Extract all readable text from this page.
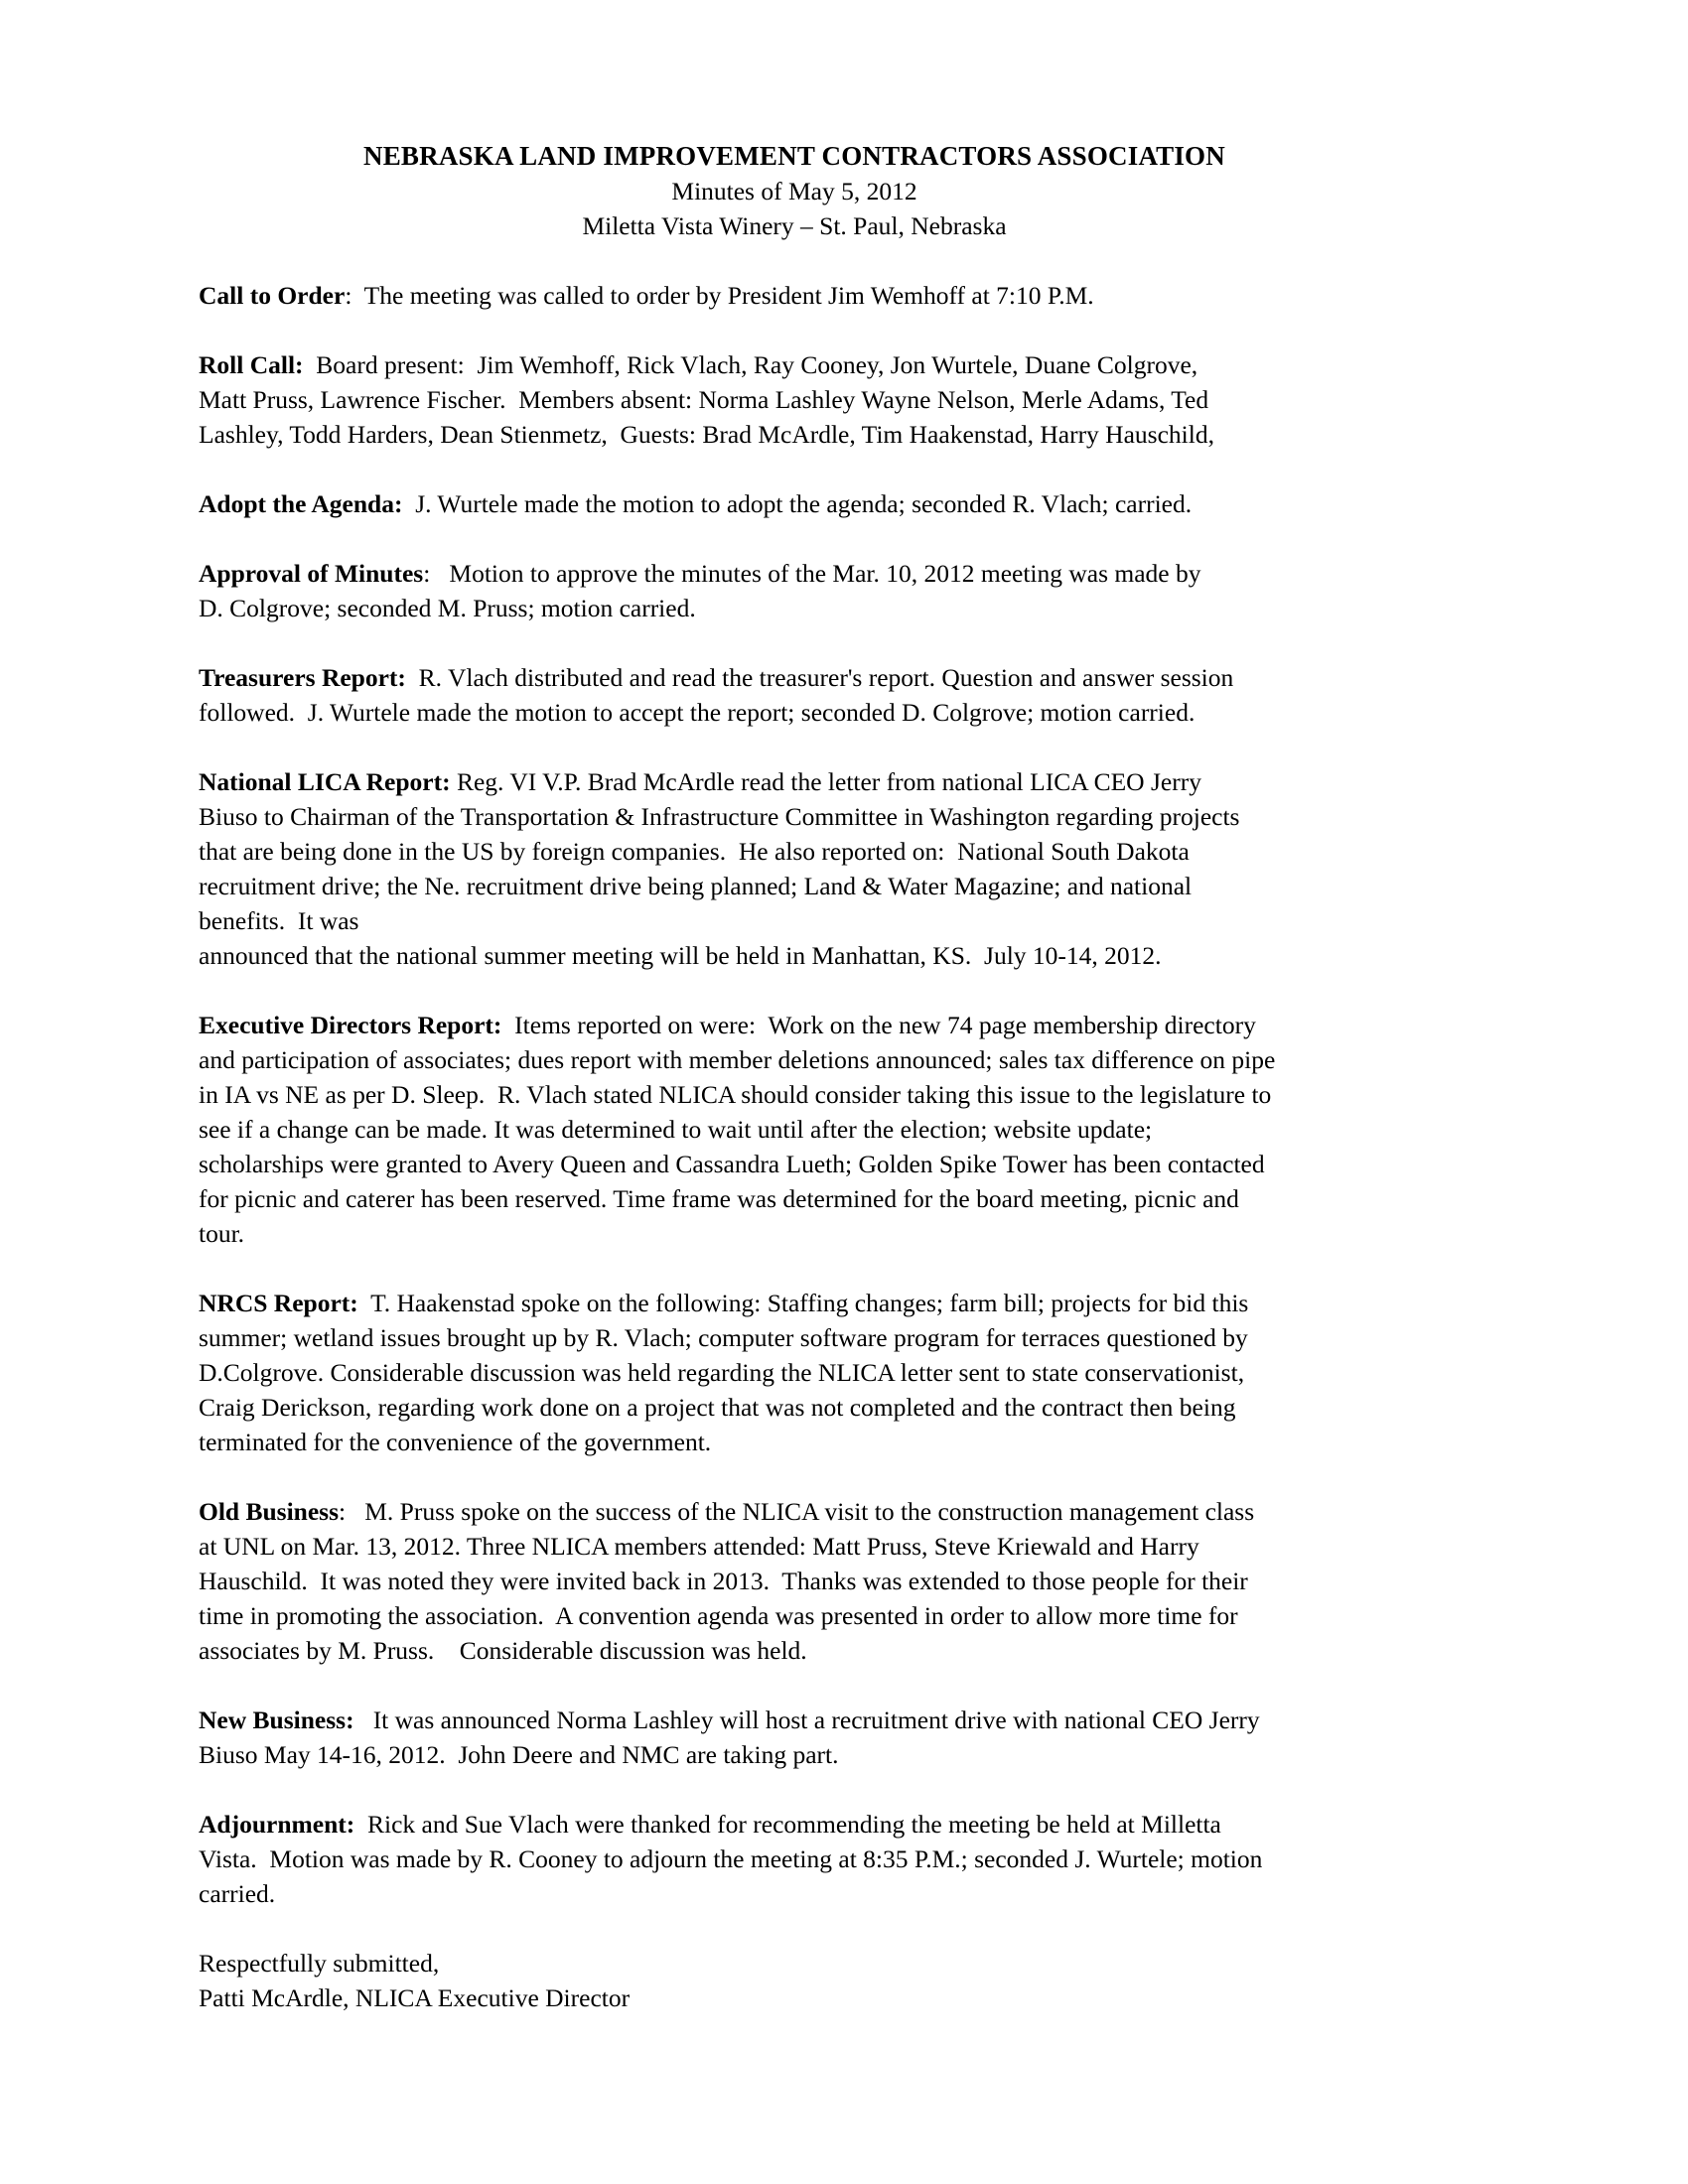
NEBRASKA LAND IMPROVEMENT CONTRACTORS ASSOCIATION
Minutes of May 5, 2012
Miletta Vista Winery – St. Paul, Nebraska
Call to Order:  The meeting was called to order by President Jim Wemhoff at 7:10 P.M.
Roll Call:  Board present:  Jim Wemhoff, Rick Vlach, Ray Cooney, Jon Wurtele, Duane Colgrove,
Matt Pruss, Lawrence Fischer.  Members absent: Norma Lashley Wayne Nelson, Merle Adams, Ted
Lashley, Todd Harders, Dean Stienmetz,  Guests: Brad McArdle, Tim Haakenstad, Harry Hauschild,
Adopt the Agenda:  J. Wurtele made the motion to adopt the agenda; seconded R. Vlach; carried.
Approval of Minutes:   Motion to approve the minutes of the Mar. 10, 2012 meeting was made by
D. Colgrove; seconded M. Pruss; motion carried.
Treasurers Report:  R. Vlach distributed and read the treasurer's report. Question and answer session
followed.  J. Wurtele made the motion to accept the report; seconded D. Colgrove; motion carried.
National LICA Report: Reg. VI V.P. Brad McArdle read the letter from national LICA CEO Jerry
Biuso to Chairman of the Transportation & Infrastructure Committee in Washington regarding projects
that are being done in the US by foreign companies.  He also reported on:  National South Dakota
recruitment drive; the Ne. recruitment drive being planned; Land & Water Magazine; and national
benefits.  It was
announced that the national summer meeting will be held in Manhattan, KS.  July 10-14, 2012.
Executive Directors Report:  Items reported on were:  Work on the new 74 page membership directory
and participation of associates; dues report with member deletions announced; sales tax difference on pipe
in IA vs NE as per D. Sleep.  R. Vlach stated NLICA should consider taking this issue to the legislature to
see if a change can be made. It was determined to wait until after the election; website update;
scholarships were granted to Avery Queen and Cassandra Lueth; Golden Spike Tower has been contacted
for picnic and caterer has been reserved. Time frame was determined for the board meeting, picnic and
tour.
NRCS Report:  T. Haakenstad spoke on the following: Staffing changes; farm bill; projects for bid this
summer; wetland issues brought up by R. Vlach; computer software program for terraces questioned by
D.Colgrove. Considerable discussion was held regarding the NLICA letter sent to state conservationist,
Craig Derickson, regarding work done on a project that was not completed and the contract then being
terminated for the convenience of the government.
Old Business:   M. Pruss spoke on the success of the NLICA visit to the construction management class
at UNL on Mar. 13, 2012. Three NLICA members attended: Matt Pruss, Steve Kriewald and Harry
Hauschild.  It was noted they were invited back in 2013.  Thanks was extended to those people for their
time in promoting the association.  A convention agenda was presented in order to allow more time for
associates by M. Pruss.    Considerable discussion was held.
New Business:   It was announced Norma Lashley will host a recruitment drive with national CEO Jerry
Biuso May 14-16, 2012.  John Deere and NMC are taking part.
Adjournment:  Rick and Sue Vlach were thanked for recommending the meeting be held at Milletta
Vista.  Motion was made by R. Cooney to adjourn the meeting at 8:35 P.M.; seconded J. Wurtele; motion
carried.
Respectfully submitted,
Patti McArdle, NLICA Executive Director
